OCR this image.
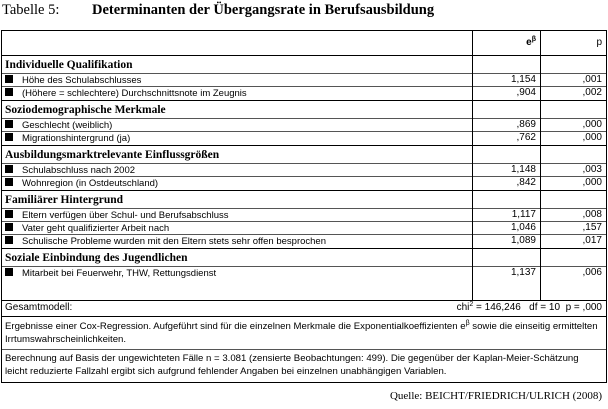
Tabelle 5: Determinanten der Übergangsrate in Berufsausbildung
$e^\beta$	p
Individuelle Qualifikation
Höhe des Schulabschlusses	1,154	,001
(Höhere = schlechtere) Durchschnittsnote im Zeugnis	,904	,002
Soziodemographische Merkmale
Geschlecht (weiblich)	,869	,000
Migrationshintergrund (ja)	,762	,000
Ausbildungsmarktrelevante Einflussgrößen
Schulabschluss nach 2002	1,148	,003
Wohnregion (in Ostdeutschland)	,842	,000
Familiärer Hintergrund
Eltern verfügen über Schul- und Berufsabschluss	1,117	,008
Vater geht qualifizierter Arbeit nach	1,046	,157
Schulische Probleme wurden mit den Eltern stets sehr offen besprochen	1,089	,017
Soziale Einbindung des Jugendlichen
Mitarbeit bei Feuerwehr, THW, Rettungsdienst	1,137	,006
Gesamtmodell:	chi$^2$ = 146,246   df = 10  p = ,000
Ergebnisse einer Cox-Regression. Aufgeführt sind für die einzelnen Merkmale die Exponentialkoeffizienten $e^\beta$ sowie die einseitig ermittelten Irrtumswahrscheinlichkeiten.
Berechnung auf Basis der ungewichteten Fälle n = 3.081 (zensierte Beobachtungen: 499). Die gegenüber der Kaplan-Meier-Schätzung leicht reduzierte Fallzahl ergibt sich aufgrund fehlender Angaben bei einzelnen unabhängigen Variablen.
Quelle: BEICHT/FRIEDRICH/ULRICH (2008)
